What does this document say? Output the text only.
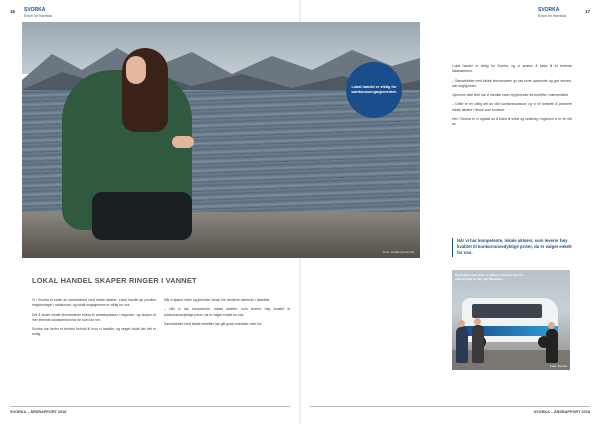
16 SVORKA
Enkel for framtida
LOKAL HANDEL SKAPER RINGER I VANNET

Vi i Svorka er stolte av samarbeidet med lokale aktører. Lokal handel gir positive ringvirkninger i samfunnet, og lokalt engasjement er viktig for oss.

Det å bruke lokale leverandører bidrar til arbeidsplasser i regionen, og skaper et mer levende lokalsamfunn for de som bor her.

Svorka har derfor et bevisst forhold til hvor vi handler, og velger lokalt der det er mulig.

Når vi kjøper varer og tjenester lokalt, blir verdiene værende i distriktet.

– Når vi har kompetente, lokale aktører, som leverer høy kvalitet til konkurransedyktige priser, da er valget enkelt for oss.

Samarbeidet med lokale bedrifter har gitt gode resultater over tid.

SVORKA – ÅRSRAPPORT 2018
17
SVORKA
Enkel for framtida

Lokal handel er viktig for Svorka, og vi ønsker å bidra til et levende lokalsamfunn.

– Samarbeidet med lokale leverandører gir oss korte avstander og god service, sier daglig leder.

Gjennom hele året har vi handlet varer og tjenester fra bedrifter i nærområdet.

– Dette er en viktig del av vårt samfunnsansvar, og vi vil fortsette å prioritere lokale aktører i årene som kommer.

Her i Svorka er vi opptatt av å bidra til vekst og utvikling i regionen vi er en del av.

SVORKA – ÅRSRAPPORT 2018
Foto: Lindberg Foto AS
Lokal handel er viktig for samfunnsengasjementet.
Når vi har kompetente, lokale aktører, som leverer høy kvalitet til konkurransedyktige priser, da er valget enkelt for oss.
Den lokale verkstedet er viktig for Svorka. Her fra utleveringen av den nye firmabilen.
Foto: Svorka
